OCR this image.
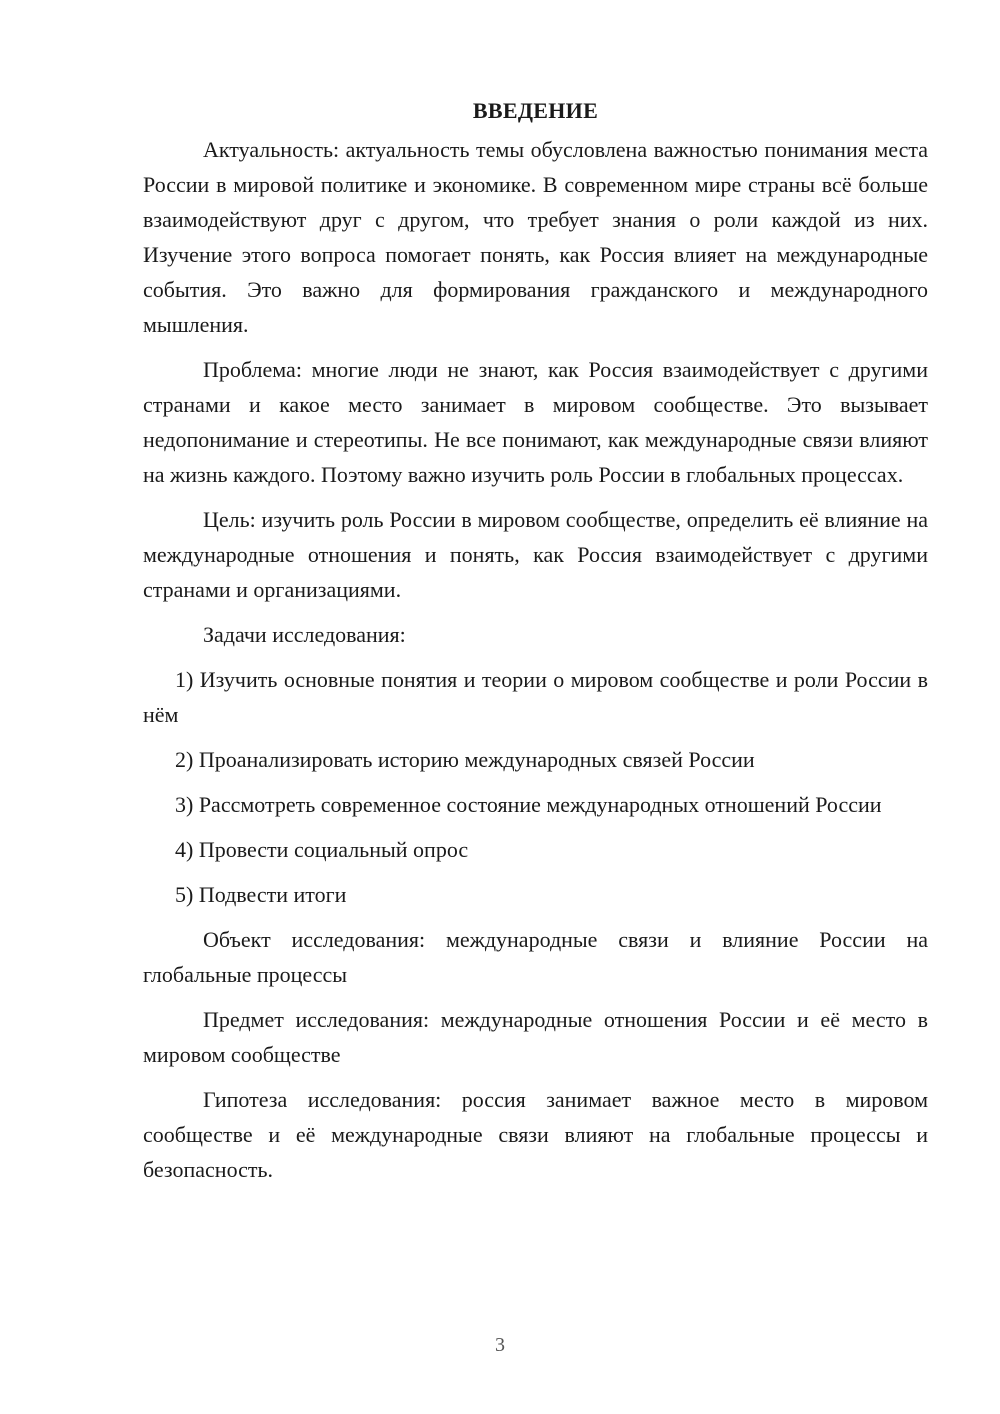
ВВЕДЕНИЕ

Актуальность: актуальность темы обусловлена важностью понимания места России в мировой политике и экономике. В современном мире страны всё больше взаимодействуют друг с другом, что требует знания о роли каждой из них. Изучение этого вопроса помогает понять, как Россия влияет на международные события. Это важно для формирования гражданского и международного мышления.

Проблема: многие люди не знают, как Россия взаимодействует с другими странами и какое место занимает в мировом сообществе. Это вызывает недопонимание и стереотипы. Не все понимают, как международные связи влияют на жизнь каждого. Поэтому важно изучить роль России в глобальных процессах.

Цель: изучить роль России в мировом сообществе, определить её влияние на международные отношения и понять, как Россия взаимодействует с другими странами и организациями.

Задачи исследования:

1) Изучить основные понятия и теории о мировом сообществе и роли России в нём

2) Проанализировать историю международных связей России

3) Рассмотреть современное состояние международных отношений России

4) Провести социальный опрос

5) Подвести итоги

Объект исследования: международные связи и влияние России на глобальные процессы

Предмет исследования: международные отношения России и её место в мировом сообществе

Гипотеза исследования: россия занимает важное место в мировом сообществе и её международные связи влияют на глобальные процессы и безопасность.

3
